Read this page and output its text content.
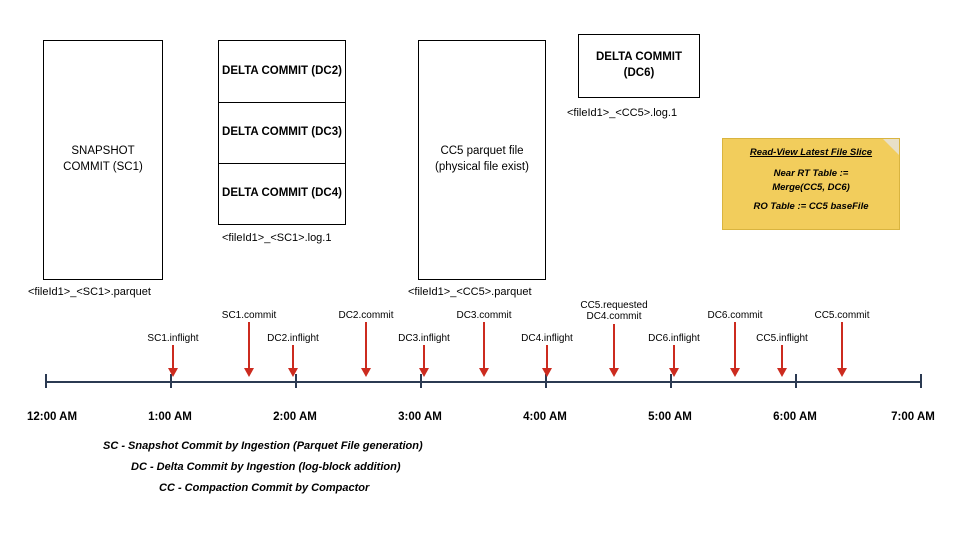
SNAPSHOT
COMMIT (SC1)
<fileId1>_<SC1>.parquet
DELTA COMMIT (DC2)
DELTA COMMIT (DC3)
DELTA COMMIT (DC4)
<fileId1>_<SC1>.log.1
CC5 parquet file
(physical file exist)
<fileId1>_<CC5>.parquet
DELTA COMMIT
(DC6)
<fileId1>_<CC5>.log.1
Read-View Latest File Slice
Near RT Table :=
Merge(CC5, DC6)
RO Table := CC5 baseFile
12:00 AM	1:00 AM	2:00 AM	3:00 AM	4:00 AM	5:00 AM	6:00 AM	7:00 AM
SC1.inflight
SC1.commit
DC2.inflight
DC2.commit
DC3.inflight
DC3.commit
DC4.inflight
CC5.requested
DC4.commit
DC6.inflight
DC6.commit
CC5.inflight
CC5.commit
SC - Snapshot Commit by Ingestion (Parquet File generation)
DC - Delta Commit by Ingestion (log-block addition)
CC - Compaction Commit by Compactor
